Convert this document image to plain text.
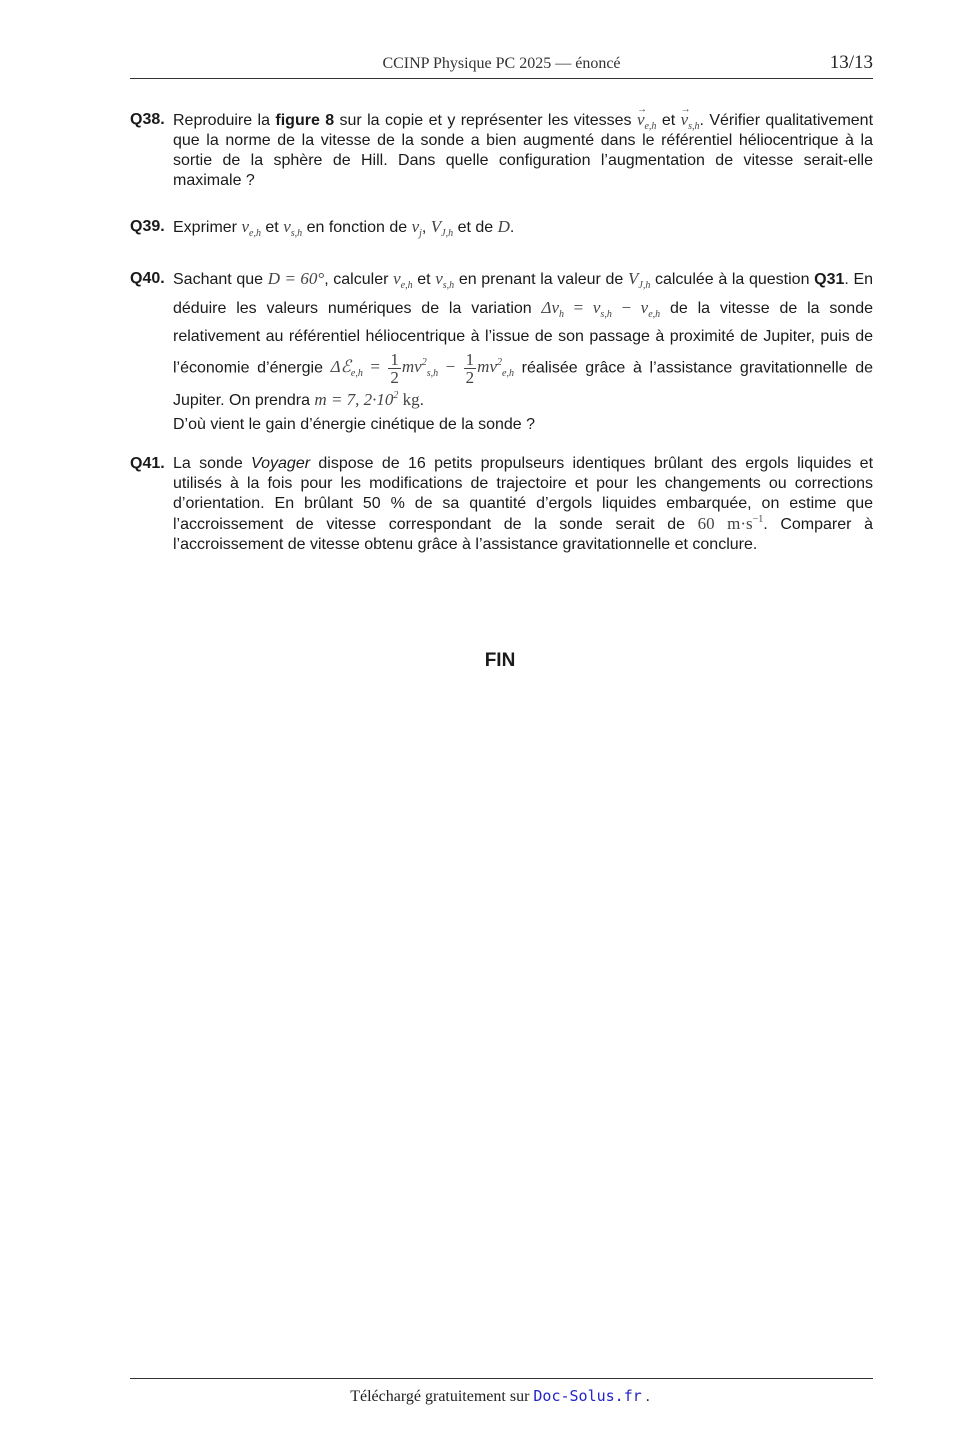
CCINP Physique PC 2025 — énoncé	13/13
Q38. Reproduire la figure 8 sur la copie et y représenter les vitesses → $v_{e,h}$ et → $v_{s,h}$. Vérifier qualitativement que la norme de la vitesse de la sonde a bien augmenté dans le référentiel héliocentrique à la sortie de la sphère de Hill. Dans quelle configuration l’augmentation de vitesse serait-elle maximale ?
Q39. Exprimer $v_{e,h}$ et $v_{s,h}$ en fonction de $v_j$, $V_{J,h}$ et de D.
Q40. Sachant que D = 60°, calculer $v_{e,h}$ et $v_{s,h}$ en prenant la valeur de $V_{J,h}$ calculée à la question Q31. En déduire les valeurs numériques de la variation $\Delta v_h = v_{s,h} - v_{e,h}$ de la vitesse de la sonde relativement au référentiel héliocentrique à l’issue de son passage à proximité de Jupiter, puis de l’économie d’énergie Δℰ$_{e,h}$ = $\frac{1}{2} mv^2_{s,h} - \frac{1}{2} mv^2_{e,h}$ réalisée grâce à l’assistance gravitationnelle de Jupiter. On prendra m = 7, $2\cdot 10^2$ kg.
D’où vient le gain d’énergie cinétique de la sonde ?
Q41. La sonde Voyager dispose de 16 petits propulseurs identiques brûlant des ergols liquides et utilisés à la fois pour les modifications de trajectoire et pour les changements ou corrections d’orientation. En brûlant 50 % de sa quantité d’ergols liquides embarquée, on estime que l’accroissement de vitesse correspondant de la sonde serait de 60 $m\cdot s^{-1}$. Comparer à l’accroissement de vitesse obtenu grâce à l’assistance gravitationnelle et conclure.
FIN
Téléchargé gratuitement sur Doc-Solus.fr .
